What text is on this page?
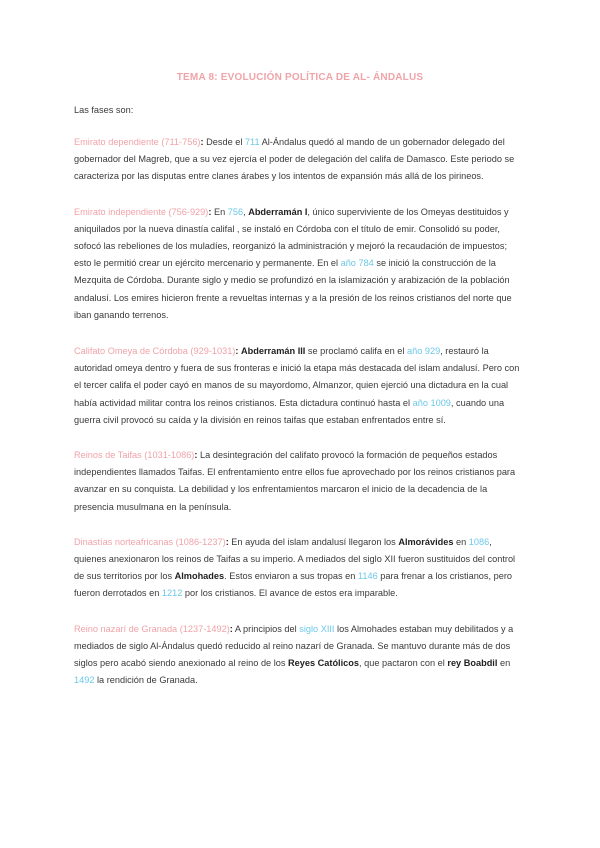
TEMA 8: EVOLUCIÓN POLÍTICA DE AL- ÁNDALUS
Las fases son:

Emirato dependiente (711-756): Desde el 711 Al-Ándalus quedó al mando de un gobernador delegado del gobernador del Magreb, que a su vez ejercía el poder de delegación del califa de Damasco. Este periodo se caracteriza por las disputas entre clanes árabes y los intentos de expansión más allá de los pirineos.

Emirato independiente (756-929): En 756, Abderramán I, único superviviente de los Omeyas destituidos y aniquilados por la nueva dinastía califal , se instaló en Córdoba con el título de emir. Consolidó su poder, sofocó las rebeliones de los muladíes, reorganizó la administración y mejoró la recaudación de impuestos; esto le permitió crear un ejército mercenario y permanente. En el año 784 se inició la construcción de la Mezquita de Córdoba. Durante siglo y medio se profundizó en la islamización y arabización de la población andalusí. Los emires hicieron frente a revueltas internas y a la presión de los reinos cristianos del norte que iban ganando terrenos.

Califato Omeya de Córdoba (929-1031): Abderramán III se proclamó califa en el año 929, restauró la autoridad omeya dentro y fuera de sus fronteras e inició la etapa más destacada del islam andalusí. Pero con el tercer califa el poder cayó en manos de su mayordomo, Almanzor, quien ejerció una dictadura en la cual había actividad militar contra los reinos cristianos. Esta dictadura continuó hasta el año 1009, cuando una guerra civil provocó su caída y la división en reinos taifas que estaban enfrentados entre sí.

Reinos de Taifas (1031-1086): La desintegración del califato provocó la formación de pequeños estados independientes llamados Taifas. El enfrentamiento entre ellos fue aprovechado por los reinos cristianos para avanzar en su conquista. La debilidad y los enfrentamientos marcaron el inicio de la decadencia de la presencia musulmana en la península.

Dinastías norteafricanas (1086-1237): En ayuda del islam andalusí llegaron los Almorávides en 1086, quienes anexionaron los reinos de Taifas a su imperio. A mediados del siglo XII fueron sustituidos del control de sus territorios por los Almohades. Estos enviaron a sus tropas en 1146 para frenar a los cristianos, pero fueron derrotados en 1212 por los cristianos. El avance de estos era imparable.

Reino nazarí de Granada (1237-1492): A principios del siglo XIII los Almohades estaban muy debilitados y a mediados de siglo Al-Ándalus quedó reducido al reino nazarí de Granada. Se mantuvo durante más de dos siglos pero acabó siendo anexionado al reino de los Reyes Católicos, que pactaron con el rey Boabdil en 1492 la rendición de Granada.
